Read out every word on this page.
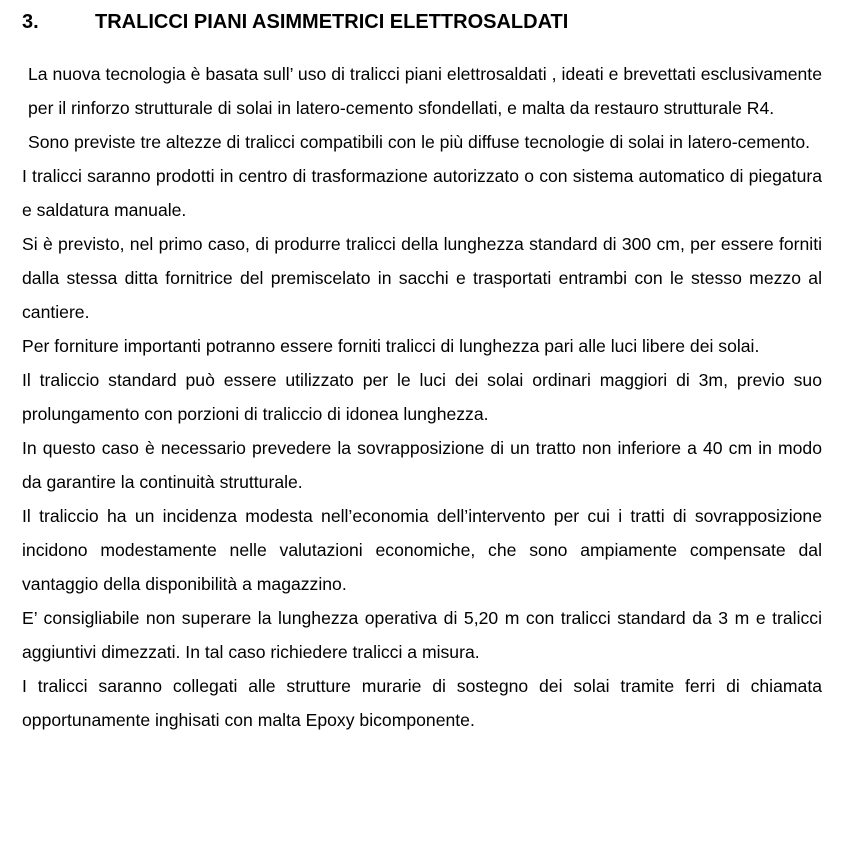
3.	TRALICCI PIANI ASIMMETRICI ELETTROSALDATI

La nuova tecnologia è basata sull’ uso di tralicci piani elettrosaldati , ideati e brevettati esclusivamente per il rinforzo strutturale di solai in latero-cemento sfondellati, e malta da restauro strutturale R4.

Sono previste tre altezze di tralicci compatibili con le più diffuse tecnologie di solai in latero-cemento.

I tralicci saranno prodotti in centro di trasformazione autorizzato o con sistema automatico di piegatura e saldatura manuale.

Si è previsto, nel primo caso, di produrre tralicci della lunghezza standard di 300 cm, per essere forniti dalla stessa ditta fornitrice del premiscelato in sacchi e trasportati entrambi con le stesso mezzo al cantiere.

Per forniture importanti potranno essere forniti tralicci di lunghezza pari alle luci libere dei solai.

Il traliccio standard può essere utilizzato per le luci dei solai ordinari maggiori di 3m, previo suo prolungamento con porzioni di traliccio di idonea lunghezza.

In questo caso è necessario prevedere la sovrapposizione di un tratto non inferiore a 40 cm in modo da garantire la continuità strutturale.

Il traliccio ha un incidenza modesta nell’economia dell’intervento per cui i tratti di sovrapposizione incidono modestamente nelle valutazioni economiche, che sono ampiamente compensate dal vantaggio della disponibilità a magazzino.

E’ consigliabile non superare la lunghezza operativa di 5,20 m con tralicci standard da 3 m e tralicci aggiuntivi dimezzati. In tal caso richiedere tralicci a misura.

I tralicci saranno collegati alle strutture murarie di sostegno dei solai tramite ferri di chiamata opportunamente inghisati con malta Epoxy bicomponente.
